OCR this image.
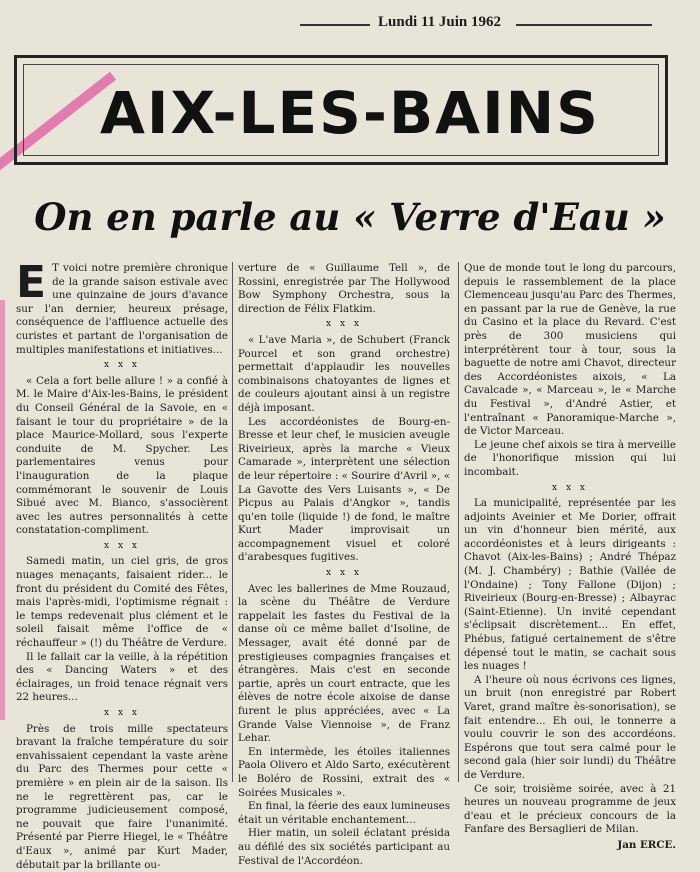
Lundi 11 Juin 1962
AIX-LES-BAINS
On en parle au « Verre d'Eau »

E T voici notre première chronique de la grande saison estivale avec une quinzaine de jours d'avance sur l'an dernier, heureux présage, conséquence de l'affluence actuelle des curistes et partant de l'organisation de multiples manifestations et initiatives...

x x x

« Cela a fort belle allure ! » a confié à M. le Maire d'Aix-les-Bains, le président du Conseil Général de la Savoie, en « faisant le tour du propriétaire » de la place Maurice-Mollard, sous l'experte conduite de M. Spycher. Les parlementaires venus pour l'inauguration de la plaque commémorant le souvenir de Louis Sibué avec M. Bianco, s'associèrent avec les autres personnalités à cette constatation-compliment.

x x x

Samedi matin, un ciel gris, de gros nuages menaçants, faisaient rider... le front du président du Comité des Fêtes, mais l'après-midi, l'optimisme régnait : le temps redevenait plus clément et le soleil faisait même l'office de « réchauffeur » (!) du Théâtre de Verdure.

Il le fallait car la veille, à la répétition des « Dancing Waters » et des éclairages, un froid tenace régnait vers 22 heures...

x x x

Près de trois mille spectateurs bravant la fraîche température du soir envahissaient cependant la vaste arène du Parc des Thermes pour cette « première » en plein air de la saison. Ils ne le regrettèrent pas, car le programme judicieusement composé, ne pouvait que faire l'unanimité. Présenté par Pierre Hiegel, le « Théâtre d'Eaux », animé par Kurt Mader, débutait par la brillante ou-

verture de « Guillaume Tell », de Rossini, enregistrée par The Hollywood Bow Symphony Orchestra, sous la direction de Félix Flatkim.

x x x

« L'ave Maria », de Schubert (Franck Pourcel et son grand orchestre) permettait d'applaudir les nouvelles combinaisons chatoyantes de lignes et de couleurs ajoutant ainsi à un registre déjà imposant.

Les accordéonistes de Bourg-en-Bresse et leur chef, le musicien aveugle Riveirieux, après la marche « Vieux Camarade », interprètent une sélection de leur répertoire : « Sourire d'Avril », « La Gavotte des Vers Luisants », « De Picpus au Palais d'Angkor », tandis qu'en toile (liquide !) de fond, le maître Kurt Mader improvisait un accompagnement visuel et coloré d'arabesques fugitives.

x x x

Avec les ballerines de Mme Rouzaud, la scène du Théâtre de Verdure rappelait les fastes du Festival de la danse où ce même ballet d'Isoline, de Messager, avait été donné par de prestigieuses compagnies françaises et étrangères. Mais c'est en seconde partie, après un court entracte, que les élèves de notre école aixoise de danse furent le plus appréciées, avec « La Grande Valse Viennoise », de Franz Lehar.

En intermède, les étoiles italiennes Paola Olivero et Aldo Sarto, exécutèrent le Boléro de Rossini, extrait des « Soirées Musicales ».

En final, la féerie des eaux lumineuses était un véritable enchantement...

Hier matin, un soleil éclatant présida au défilé des six sociétés participant au Festival de l'Accordéon.

Que de monde tout le long du parcours, depuis le rassemblement de la place Clemenceau jusqu'au Parc des Thermes, en passant par la rue de Genève, la rue du Casino et la place du Revard. C'est près de 300 musiciens qui interprétèrent tour à tour, sous la baguette de notre ami Chavot, directeur des Accordéonistes aixois, « La Cavalcade », « Marceau », le « Marche du Festival », d'André Astier, et l'entraînant « Panoramique-Marche », de Victor Marceau.

Le jeune chef aixois se tira à merveille de l'honorifique mission qui lui incombait.

x x x

La municipalité, représentée par les adjoints Aveinier et Me Dorier, offrait un vin d'honneur bien mérité, aux accordéonistes et à leurs dirigeants : Chavot (Aix-les-Bains) ; André Thépaz (M. J. Chambéry) ; Bathie (Vallée de l'Ondaine) ; Tony Fallone (Dijon) ; Riveirieux (Bourg-en-Bresse) ; Albayrac (Saint-Etienne). Un invité cependant s'éclipsait discrètement... En effet, Phébus, fatigué certainement de s'être dépensé tout le matin, se cachait sous les nuages !

A l'heure où nous écrivons ces lignes, un bruit (non enregistré par Robert Varet, grand maître ès-sonorisation), se fait entendre... Eh oui, le tonnerre a voulu couvrir le son des accordéons. Espérons que tout sera calmé pour le second gala (hier soir lundi) du Théâtre de Verdure.

Ce soir, troisième soirée, avec à 21 heures un nouveau programme de jeux d'eau et le précieux concours de la Fanfare des Bersaglieri de Milan.

Jan ERCE.
